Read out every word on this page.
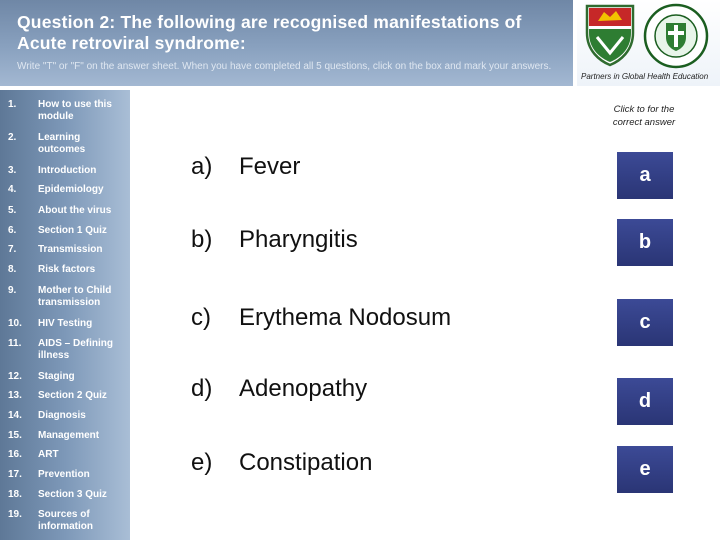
Question 2: The following are recognised manifestations of Acute retroviral syndrome:
Write "T" or "F" on the answer sheet. When you have completed all 5 questions, click on the box and mark your answers.
Partners in Global Health Education
1. How to use this module
2. Learning outcomes
3. Introduction
4. Epidemiology
5. About the virus
6. Section 1 Quiz
7. Transmission
8. Risk factors
9. Mother to Child transmission
10. HIV Testing
11. AIDS – Defining illness
12. Staging
13. Section 2 Quiz
14. Diagnosis
15. Management
16. ART
17. Prevention
18. Section 3 Quiz
19. Sources of information
Click to for the correct answer
a) Fever	a
b) Pharyngitis	b
c) Erythema Nodosum	c
d) Adenopathy	d
e) Constipation	e
